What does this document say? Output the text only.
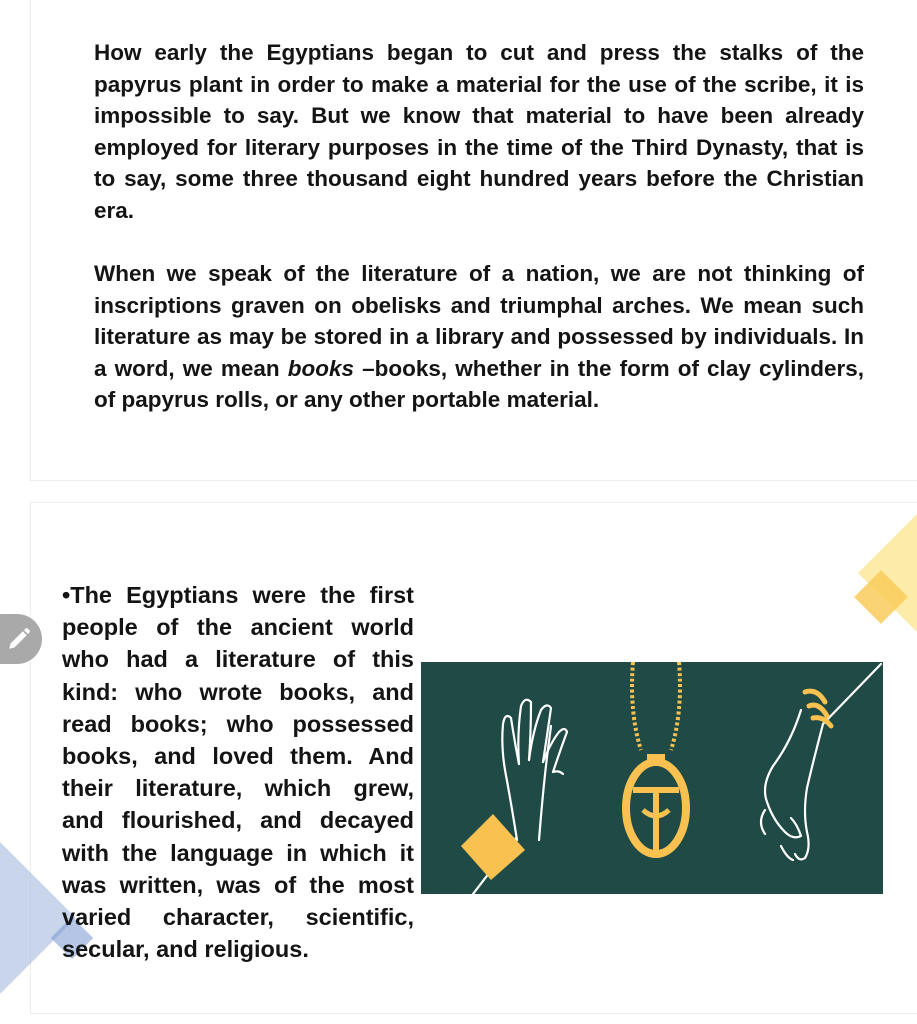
How early the Egyptians began to cut and press the stalks of the papyrus plant in order to make a material for the use of the scribe, it is impossible to say. But we know that material to have been already employed for literary purposes in the time of the Third Dynasty, that is to say, some three thousand eight hundred years before the Christian era.

When we speak of the literature of a nation, we are not thinking of inscriptions graven on obelisks and triumphal arches. We mean such literature as may be stored in a library and possessed by individuals. In a word, we mean books –books, whether in the form of clay cylinders, of papyrus rolls, or any other portable material.

•The Egyptians were the first people of the ancient world who had a literature of this kind: who wrote books, and read books; who possessed books, and loved them. And their literature, which grew, and flourished, and decayed with the language in which it was written, was of the most varied character, scientific, secular, and religious.
